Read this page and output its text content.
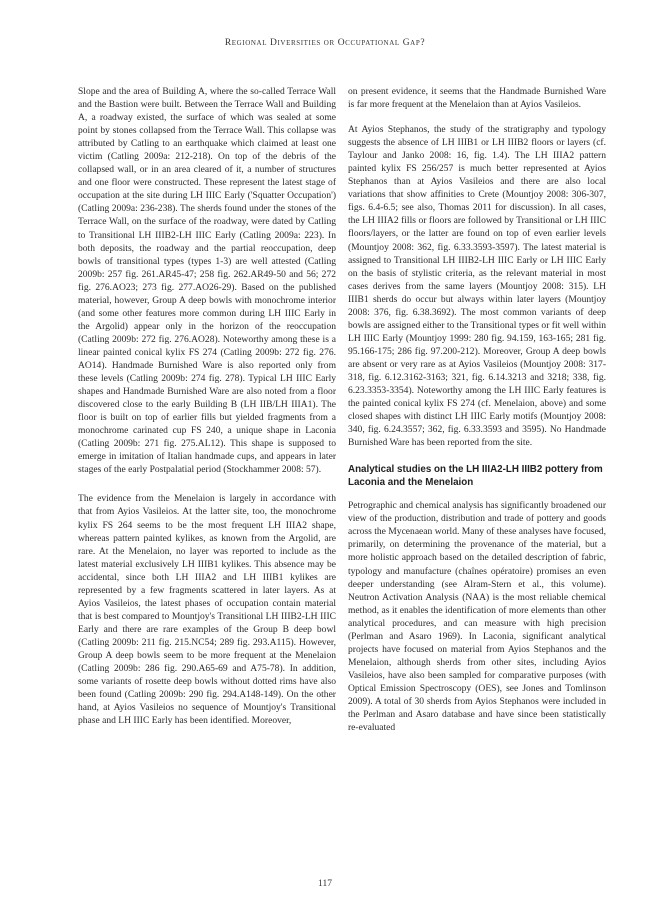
Regional Diversities or Occupational Gap?

Slope and the area of Building A, where the so-called Terrace Wall and the Bastion were built. Between the Terrace Wall and Building A, a roadway existed, the surface of which was sealed at some point by stones collapsed from the Terrace Wall. This collapse was attributed by Catling to an earthquake which claimed at least one victim (Catling 2009a: 212-218). On top of the debris of the collapsed wall, or in an area cleared of it, a number of structures and one floor were constructed. These represent the latest stage of occupation at the site during LH IIIC Early ('Squatter Occupation') (Catling 2009a: 236-238). The sherds found under the stones of the Terrace Wall, on the surface of the roadway, were dated by Catling to Transitional LH IIIB2-LH IIIC Early (Catling 2009a: 223). In both deposits, the roadway and the partial reoccupation, deep bowls of transitional types (types 1-3) are well attested (Catling 2009b: 257 fig. 261.AR45-47; 258 fig. 262.AR49-50 and 56; 272 fig. 276.AO23; 273 fig. 277.AO26-29). Based on the published material, however, Group A deep bowls with monochrome interior (and some other features more common during LH IIIC Early in the Argolid) appear only in the horizon of the reoccupation (Catling 2009b: 272 fig. 276.AO28). Noteworthy among these is a linear painted conical kylix FS 274 (Catling 2009b: 272 fig. 276. AO14). Handmade Burnished Ware is also reported only from these levels (Catling 2009b: 274 fig. 278). Typical LH IIIC Early shapes and Handmade Burnished Ware are also noted from a floor discovered close to the early Building B (LH IIB/LH IIIA1). The floor is built on top of earlier fills but yielded fragments from a monochrome carinated cup FS 240, a unique shape in Laconia (Catling 2009b: 271 fig. 275.AL12). This shape is supposed to emerge in imitation of Italian handmade cups, and appears in later stages of the early Postpalatial period (Stockhammer 2008: 57).

The evidence from the Menelaion is largely in accordance with that from Ayios Vasileios. At the latter site, too, the monochrome kylix FS 264 seems to be the most frequent LH IIIA2 shape, whereas pattern painted kylikes, as known from the Argolid, are rare. At the Menelaion, no layer was reported to include as the latest material exclusively LH IIIB1 kylikes. This absence may be accidental, since both LH IIIA2 and LH IIIB1 kylikes are represented by a few fragments scattered in later layers. As at Ayios Vasileios, the latest phases of occupation contain material that is best compared to Mountjoy's Transitional LH IIIB2-LH IIIC Early and there are rare examples of the Group B deep bowl (Catling 2009b: 211 fig. 215.NC54; 289 fig. 293.A115). However, Group A deep bowls seem to be more frequent at the Menelaion (Catling 2009b: 286 fig. 290.A65-69 and A75-78). In addition, some variants of rosette deep bowls without dotted rims have also been found (Catling 2009b: 290 fig. 294.A148-149). On the other hand, at Ayios Vasileios no sequence of Mountjoy's Transitional phase and LH IIIC Early has been identified. Moreover,

on present evidence, it seems that the Handmade Burnished Ware is far more frequent at the Menelaion than at Ayios Vasileios.

At Ayios Stephanos, the study of the stratigraphy and typology suggests the absence of LH IIIB1 or LH IIIB2 floors or layers (cf. Taylour and Janko 2008: 16, fig. 1.4). The LH IIIA2 pattern painted kylix FS 256/257 is much better represented at Ayios Stephanos than at Ayios Vasileios and there are also local variations that show affinities to Crete (Mountjoy 2008: 306-307, figs. 6.4-6.5; see also, Thomas 2011 for discussion). In all cases, the LH IIIA2 fills or floors are followed by Transitional or LH IIIC floors/layers, or the latter are found on top of even earlier levels (Mountjoy 2008: 362, fig. 6.33.3593-3597). The latest material is assigned to Transitional LH IIIB2-LH IIIC Early or LH IIIC Early on the basis of stylistic criteria, as the relevant material in most cases derives from the same layers (Mountjoy 2008: 315). LH IIIB1 sherds do occur but always within later layers (Mountjoy 2008: 376, fig. 6.38.3692). The most common variants of deep bowls are assigned either to the Transitional types or fit well within LH IIIC Early (Mountjoy 1999: 280 fig. 94.159, 163-165; 281 fig. 95.166-175; 286 fig. 97.200-212). Moreover, Group A deep bowls are absent or very rare as at Ayios Vasileios (Mountjoy 2008: 317-318, fig. 6.12.3162-3163; 321, fig. 6.14.3213 and 3218; 338, fig. 6.23.3353-3354). Noteworthy among the LH IIIC Early features is the painted conical kylix FS 274 (cf. Menelaion, above) and some closed shapes with distinct LH IIIC Early motifs (Mountjoy 2008: 340, fig. 6.24.3557; 362, fig. 6.33.3593 and 3595). No Handmade Burnished Ware has been reported from the site.

Analytical studies on the LH IIIA2-LH IIIB2 pottery from Laconia and the Menelaion

Petrographic and chemical analysis has significantly broadened our view of the production, distribution and trade of pottery and goods across the Mycenaean world. Many of these analyses have focused, primarily, on determining the provenance of the material, but a more holistic approach based on the detailed description of fabric, typology and manufacture (chaînes opératoire) promises an even deeper understanding (see Alram-Stern et al., this volume). Neutron Activation Analysis (NAA) is the most reliable chemical method, as it enables the identification of more elements than other analytical procedures, and can measure with high precision (Perlman and Asaro 1969). In Laconia, significant analytical projects have focused on material from Ayios Stephanos and the Menelaion, although sherds from other sites, including Ayios Vasileios, have also been sampled for comparative purposes (with Optical Emission Spectroscopy (OES), see Jones and Tomlinson 2009). A total of 30 sherds from Ayios Stephanos were included in the Perlman and Asaro database and have since been statistically re-evaluated

117
